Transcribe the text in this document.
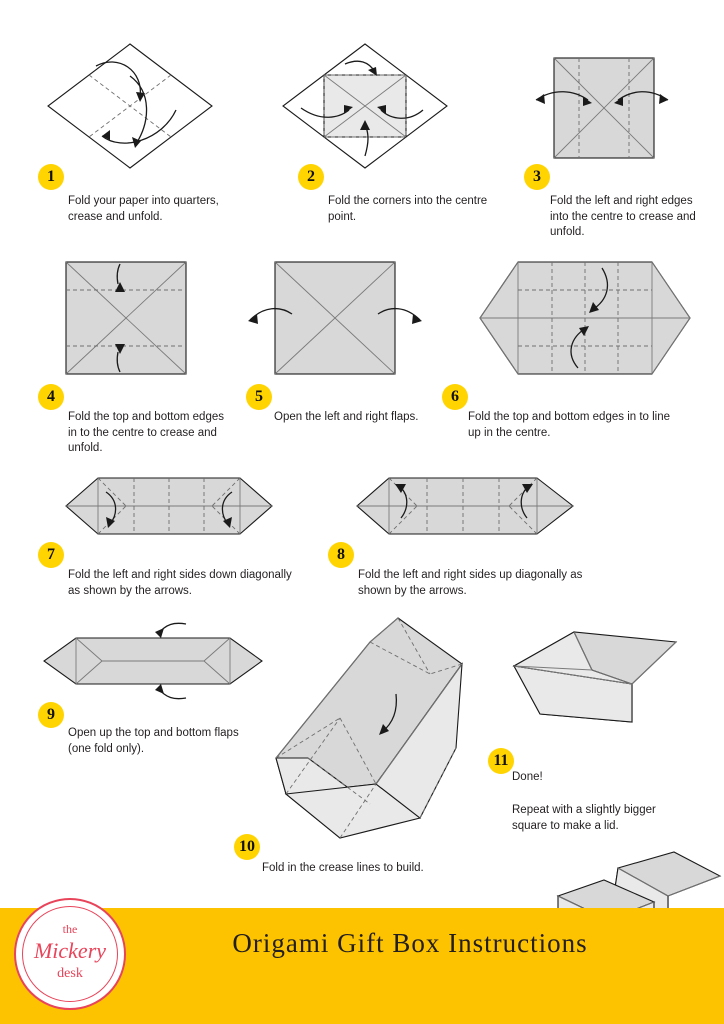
1
Fold your paper into quarters, crease and unfold.
2
Fold the corners into the centre point.
3
Fold the left and right edges into the centre to crease and unfold.
4
Fold the top and bottom edges in to the centre to crease and unfold.
5
Open the left and right flaps.
6
Fold the top and bottom edges in to line up in the centre.
7
Fold the left and right sides down diagonally as shown by the arrows.
8
Fold the left and right sides up diagonally as shown by the arrows.
9
Open up the top and bottom flaps (one fold only).
10
Fold in the crease lines to build.
11
Done!
Repeat with a slightly bigger square to make a lid.
Origami Gift Box Instructions
the
Mickery
desk
